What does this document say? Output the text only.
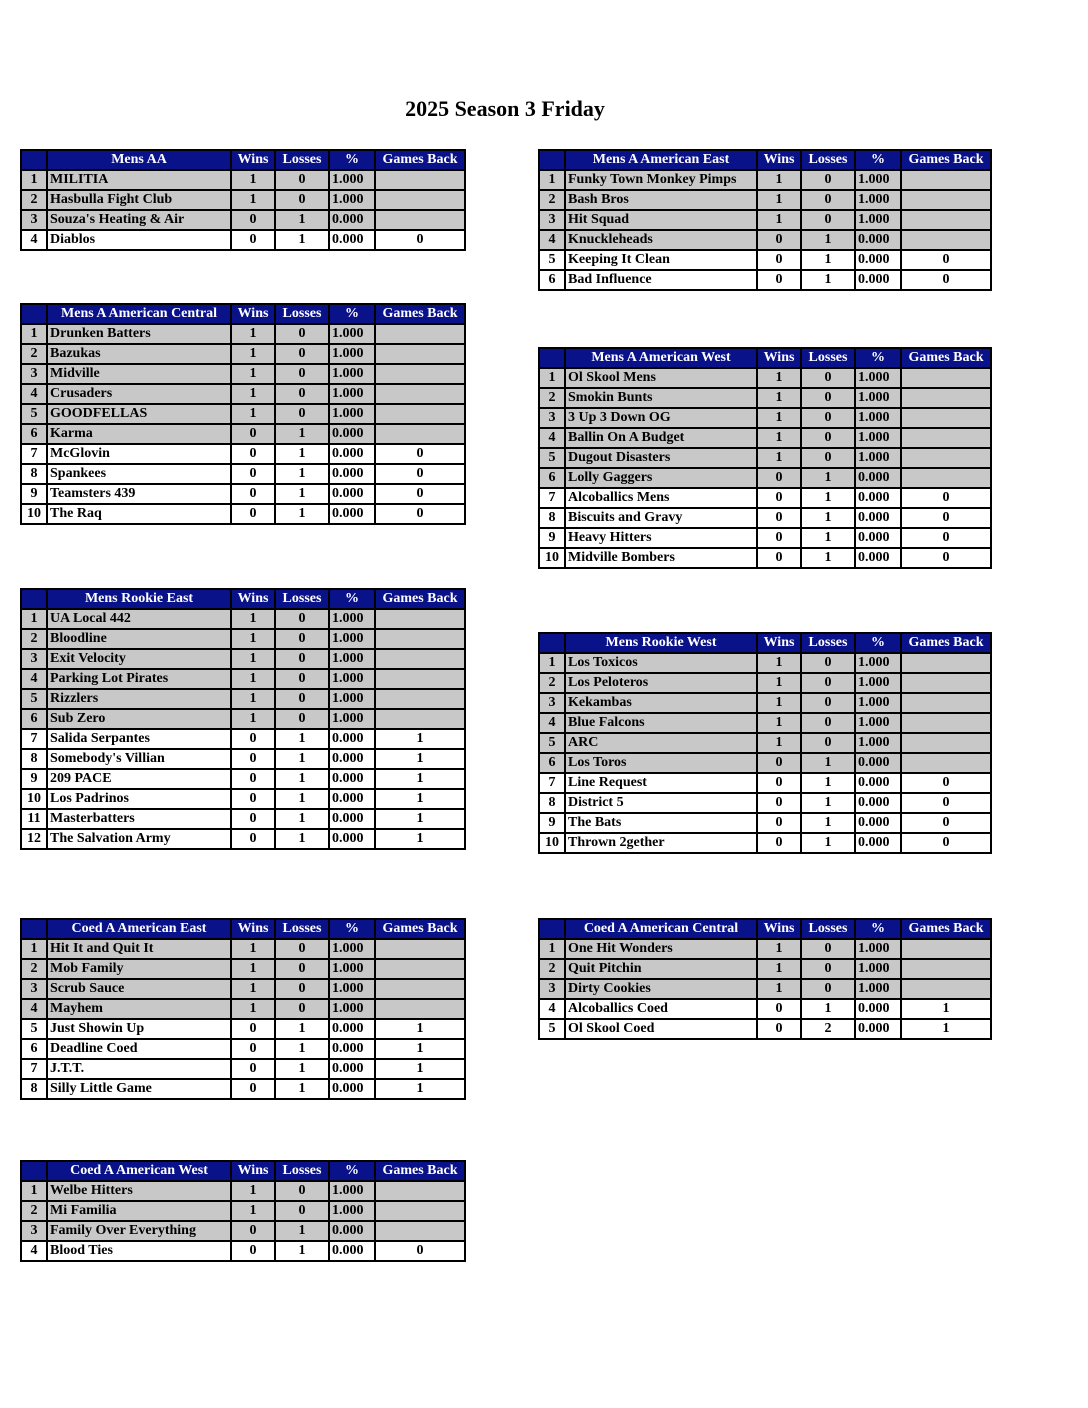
2025 Season 3 Friday
	Mens AA	Wins	Losses	%	Games Back
1	MILITIA	1	0	1.000	
2	Hasbulla Fight Club	1	0	1.000	
3	Souza's Heating & Air	0	1	0.000	
4	Diablos	0	1	0.000	0
	Mens A American East	Wins	Losses	%	Games Back
1	Funky Town Monkey Pimps	1	0	1.000	
2	Bash Bros	1	0	1.000	
3	Hit Squad	1	0	1.000	
4	Knuckleheads	0	1	0.000	
5	Keeping It Clean	0	1	0.000	0
6	Bad Influence	0	1	0.000	0
	Mens A American Central	Wins	Losses	%	Games Back
1	Drunken Batters	1	0	1.000	
2	Bazukas	1	0	1.000	
3	Midville	1	0	1.000	
4	Crusaders	1	0	1.000	
5	GOODFELLAS	1	0	1.000	
6	Karma	0	1	0.000	
7	McGlovin	0	1	0.000	0
8	Spankees	0	1	0.000	0
9	Teamsters 439	0	1	0.000	0
10	The Raq	0	1	0.000	0
	Mens A American West	Wins	Losses	%	Games Back
1	Ol Skool Mens	1	0	1.000	
2	Smokin Bunts	1	0	1.000	
3	3 Up 3 Down OG	1	0	1.000	
4	Ballin On A Budget	1	0	1.000	
5	Dugout Disasters	1	0	1.000	
6	Lolly Gaggers	0	1	0.000	
7	Alcoballics Mens	0	1	0.000	0
8	Biscuits and Gravy	0	1	0.000	0
9	Heavy Hitters	0	1	0.000	0
10	Midville Bombers	0	1	0.000	0
	Mens Rookie East	Wins	Losses	%	Games Back
1	UA Local 442	1	0	1.000	
2	Bloodline	1	0	1.000	
3	Exit Velocity	1	0	1.000	
4	Parking Lot Pirates	1	0	1.000	
5	Rizzlers	1	0	1.000	
6	Sub Zero	1	0	1.000	
7	Salida Serpantes	0	1	0.000	1
8	Somebody's Villian	0	1	0.000	1
9	209 PACE	0	1	0.000	1
10	Los Padrinos	0	1	0.000	1
11	Masterbatters	0	1	0.000	1
12	The Salvation Army	0	1	0.000	1
	Mens Rookie West	Wins	Losses	%	Games Back
1	Los Toxicos	1	0	1.000	
2	Los Peloteros	1	0	1.000	
3	Kekambas	1	0	1.000	
4	Blue Falcons	1	0	1.000	
5	ARC	1	0	1.000	
6	Los Toros	0	1	0.000	
7	Line Request	0	1	0.000	0
8	District 5	0	1	0.000	0
9	The Bats	0	1	0.000	0
10	Thrown 2gether	0	1	0.000	0
	Coed A American East	Wins	Losses	%	Games Back
1	Hit It and Quit It	1	0	1.000	
2	Mob Family	1	0	1.000	
3	Scrub Sauce	1	0	1.000	
4	Mayhem	1	0	1.000	
5	Just Showin Up	0	1	0.000	1
6	Deadline Coed	0	1	0.000	1
7	J.T.T.	0	1	0.000	1
8	Silly Little Game	0	1	0.000	1
	Coed A American Central	Wins	Losses	%	Games Back
1	One Hit Wonders	1	0	1.000	
2	Quit Pitchin	1	0	1.000	
3	Dirty Cookies	1	0	1.000	
4	Alcoballics Coed	0	1	0.000	1
5	Ol Skool Coed	0	2	0.000	1
	Coed A American West	Wins	Losses	%	Games Back
1	Welbe Hitters	1	0	1.000	
2	Mi Familia	1	0	1.000	
3	Family Over Everything	0	1	0.000	
4	Blood Ties	0	1	0.000	0
